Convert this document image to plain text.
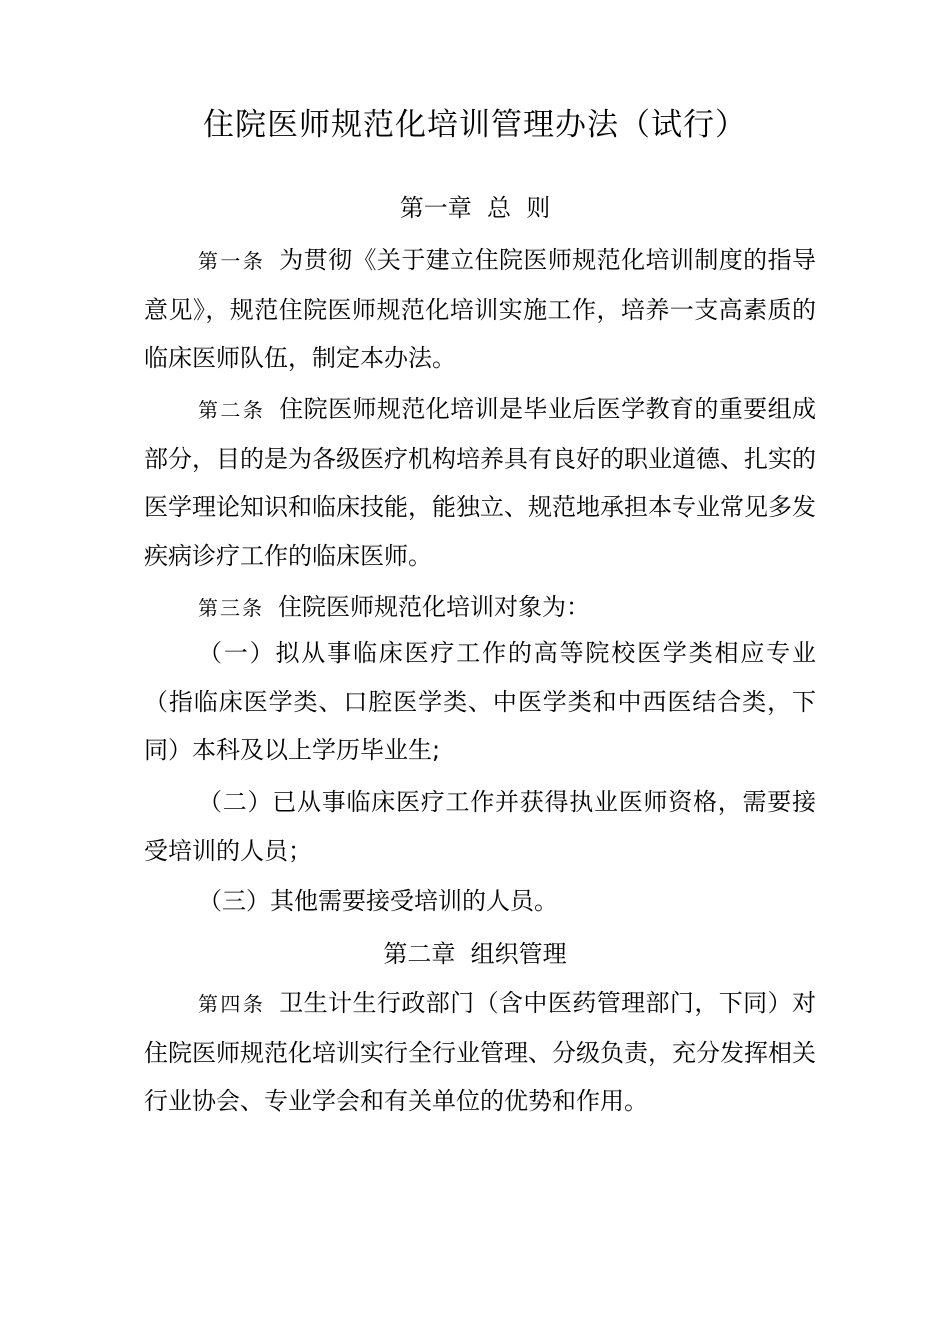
住院医师规范化培训管理办法（试行）
第一章  总  则
第一条 为贯彻《关于建立住院医师规范化培训制度的指导意见》，规范住院医师规范化培训实施工作，培养一支高素质的临床医师队伍，制定本办法。
第二条 住院医师规范化培训是毕业后医学教育的重要组成部分，目的是为各级医疗机构培养具有良好的职业道德、扎实的医学理论知识和临床技能，能独立、规范地承担本专业常见多发疾病诊疗工作的临床医师。
第三条 住院医师规范化培训对象为：
（一）拟从事临床医疗工作的高等院校医学类相应专业（指临床医学类、口腔医学类、中医学类和中西医结合类，下同）本科及以上学历毕业生;
（二）已从事临床医疗工作并获得执业医师资格，需要接受培训的人员；
（三）其他需要接受培训的人员。
第二章  组织管理
第四条 卫生计生行政部门（含中医药管理部门，下同）对住院医师规范化培训实行全行业管理、分级负责，充分发挥相关行业协会、专业学会和有关单位的优势和作用。
